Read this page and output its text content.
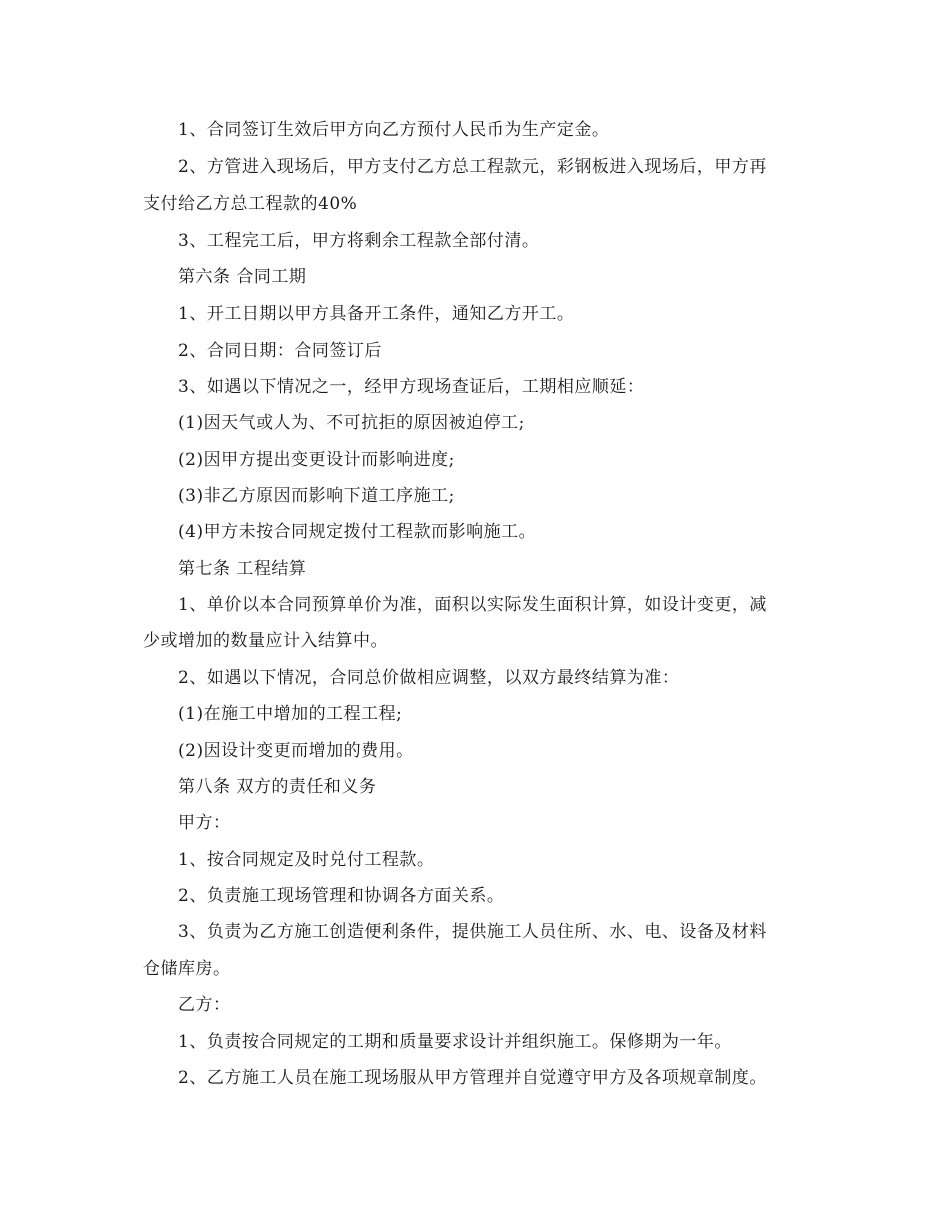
1、合同签订生效后甲方向乙方预付人民币为生产定金。
2、方管进入现场后，甲方支付乙方总工程款元，彩钢板进入现场后，甲方再
支付给乙方总工程款的40%
3、工程完工后，甲方将剩余工程款全部付清。
第六条 合同工期
1、开工日期以甲方具备开工条件，通知乙方开工。
2、合同日期：合同签订后
3、如遇以下情况之一，经甲方现场查证后，工期相应顺延：
(1)因天气或人为、不可抗拒的原因被迫停工;
(2)因甲方提出变更设计而影响进度;
(3)非乙方原因而影响下道工序施工;
(4)甲方未按合同规定拨付工程款而影响施工。
第七条 工程结算
1、单价以本合同预算单价为准，面积以实际发生面积计算，如设计变更，减
少或增加的数量应计入结算中。
2、如遇以下情况，合同总价做相应调整，以双方最终结算为准：
(1)在施工中增加的工程工程;
(2)因设计变更而增加的费用。
第八条 双方的责任和义务
甲方：
1、按合同规定及时兑付工程款。
2、负责施工现场管理和协调各方面关系。
3、负责为乙方施工创造便利条件，提供施工人员住所、水、电、设备及材料
仓储库房。
乙方：
1、负责按合同规定的工期和质量要求设计并组织施工。保修期为一年。
2、乙方施工人员在施工现场服从甲方管理并自觉遵守甲方及各项规章制度。
